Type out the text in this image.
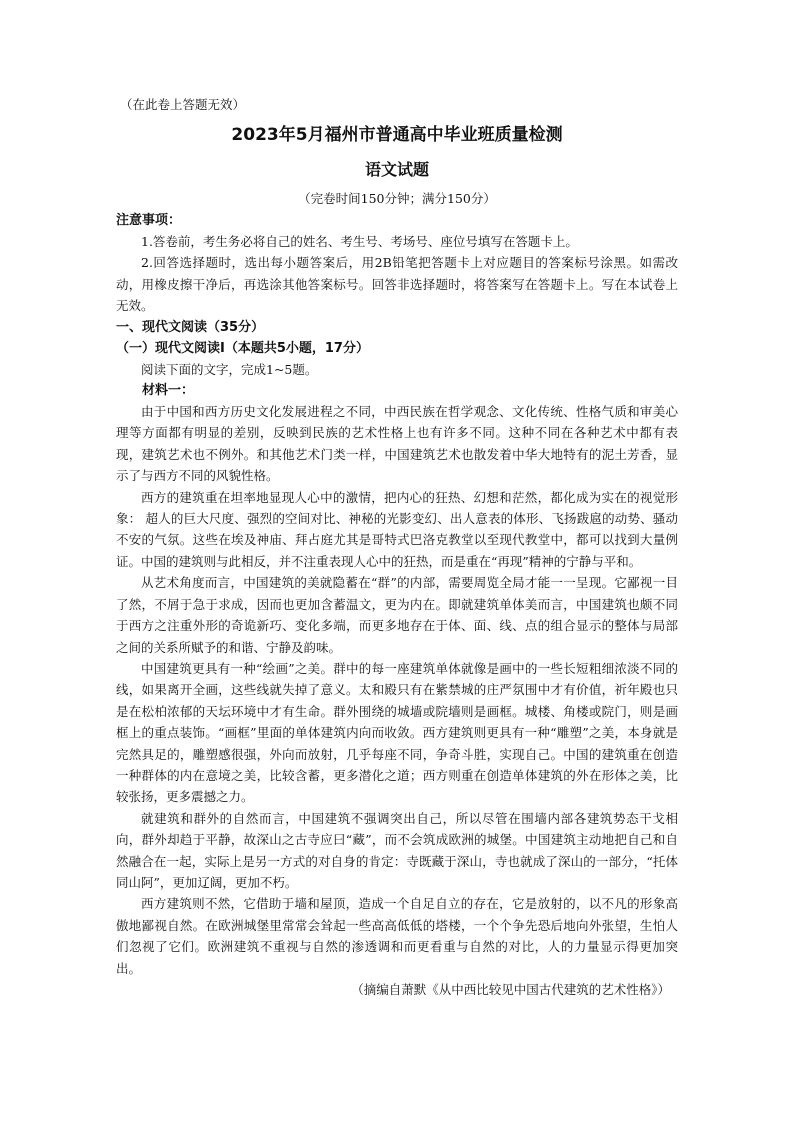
（在此卷上答题无效）

2023年5月福州市普通高中毕业班质量检测
语文试题
（完卷时间150分钟；满分150分）

注意事项：

1.答卷前，考生务必将自己的姓名、考生号、考场号、座位号填写在答题卡上。

2.回答选择题时，选出每小题答案后，用2B铅笔把答题卡上对应题目的答案标号涂黑。如需改动，用橡皮擦干净后，再选涂其他答案标号。回答非选择题时，将答案写在答题卡上。写在本试卷上无效。

一、现代文阅读（35分）

（一）现代文阅读Ⅰ（本题共5小题，17分）

阅读下面的文字，完成1~5题。

材料一：

由于中国和西方历史文化发展进程之不同，中西民族在哲学观念、文化传统、性格气质和审美心理等方面都有明显的差别，反映到民族的艺术性格上也有许多不同。这种不同在各种艺术中都有表现，建筑艺术也不例外。和其他艺术门类一样，中国建筑艺术也散发着中华大地特有的泥土芳香，显示了与西方不同的风貌性格。

西方的建筑重在坦率地显现人心中的激情，把内心的狂热、幻想和茫然，都化成为实在的视觉形象： 超人的巨大尺度、强烈的空间对比、神秘的光影变幻、出人意表的体形、飞扬跋扈的动势、骚动不安的气氛。这些在埃及神庙、拜占庭尤其是哥特式巴洛克教堂以至现代教堂中，都可以找到大量例证。中国的建筑则与此相反，并不注重表现人心中的狂热，而是重在“再现”精神的宁静与平和。

从艺术角度而言，中国建筑的美就隐蓄在“群”的内部，需要周览全局才能一一呈现。它鄙视一目了然，不屑于急于求成，因而也更加含蓄温文，更为内在。即就建筑单体美而言，中国建筑也颇不同于西方之注重外形的奇诡新巧、变化多端，而更多地存在于体、面、线、点的组合显示的整体与局部之间的关系所赋予的和谐、宁静及韵味。

中国建筑更具有一种“绘画”之美。群中的每一座建筑单体就像是画中的一些长短粗细浓淡不同的线，如果离开全画，这些线就失掉了意义。太和殿只有在紫禁城的庄严氛围中才有价值，祈年殿也只是在松柏浓郁的天坛环境中才有生命。群外围绕的城墙或院墙则是画框。城楼、角楼或院门，则是画框上的重点装饰。“画框”里面的单体建筑内向而收敛。西方建筑则更具有一种“雕塑”之美，本身就是完然具足的，雕塑感很强，外向而放射，几乎每座不同，争奇斗胜，实现自己。中国的建筑重在创造一种群体的内在意境之美，比较含蓄，更多潜化之道；西方则重在创造单体建筑的外在形体之美，比较张扬，更多震撼之力。

就建筑和群外的自然而言，中国建筑不强调突出自己，所以尽管在围墙内部各建筑势态干戈相向，群外却趋于平静，故深山之古寺应曰“藏”，而不会筑成欧洲的城堡。中国建筑主动地把自己和自然融合在一起，实际上是另一方式的对自身的肯定：寺既藏于深山，寺也就成了深山的一部分，“托体同山阿”，更加辽阔，更加不朽。

西方建筑则不然，它借助于墙和屋顶，造成一个自足自立的存在，它是放射的，以不凡的形象高傲地鄙视自然。在欧洲城堡里常常会耸起一些高高低低的塔楼，一个个争先恐后地向外张望，生怕人们忽视了它们。欧洲建筑不重视与自然的渗透调和而更看重与自然的对比，人的力量显示得更加突出。

（摘编自萧默《从中西比较见中国古代建筑的艺术性格》）
